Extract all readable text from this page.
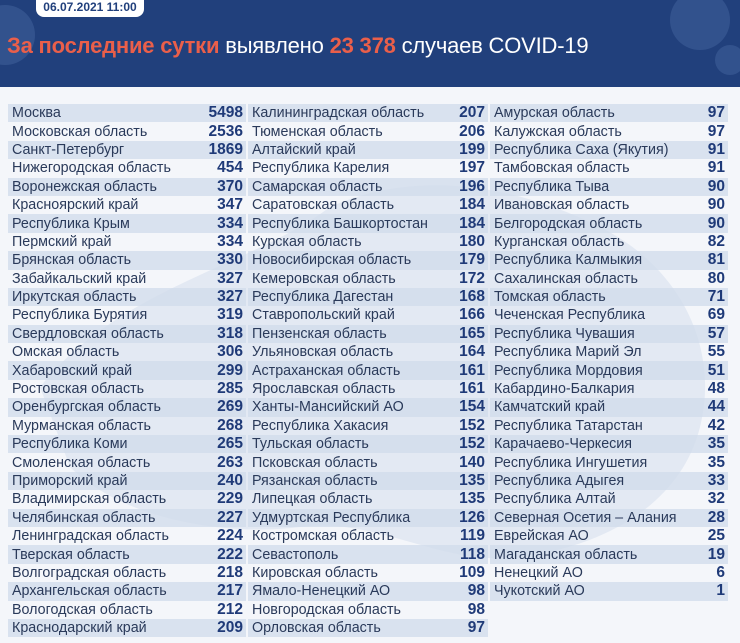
06.07.2021 11:00
За последние сутки выявлено 23 378 случаев COVID-19
Москва	5498
Московская область	2536
Санкт-Петербург	1869
Нижегородская область	454
Воронежская область	370
Красноярский край	347
Республика Крым	334
Пермский край	334
Брянская область	330
Забайкальский край	327
Иркутская область	327
Республика Бурятия	319
Свердловская область	318
Омская область	306
Хабаровский край	299
Ростовская область	285
Оренбургская область	269
Мурманская область	268
Республика Коми	265
Смоленская область	263
Приморский край	240
Владимирская область	229
Челябинская область	227
Ленинградская область	224
Тверская область	222
Волгоградская область	218
Архангельская область	217
Вологодская область	212
Краснодарский край	209
Калининградская область 207
Тюменская область	206
Алтайский край	199
Республика Карелия	197
Самарская область	196
Саратовская область	184
Республика Башкортостан 184
Курская область	180
Новосибирская область	179
Кемеровская область	172
Республика Дагестан	168
Ставропольский край	166
Пензенская область	165
Ульяновская область	164
Астраханская область	161
Ярославская область	161
Ханты-Мансийский АО	154
Республика Хакасия	152
Тульская область	152
Псковская область	140
Рязанская область	135
Липецкая область	135
Удмуртская Республика	126
Костромская область	119
Севастополь	118
Кировская область	109
Ямало-Ненецкий АО	98
Новгородская область	98
Орловская область	97
Амурская область	97
Калужская область	97
Республика Саха (Якутия)	91
Тамбовская область	91
Республика Тыва	90
Ивановская область	90
Белгородская область	90
Курганская область	82
Республика Калмыкия	81
Сахалинская область	80
Томская область	71
Чеченская Республика	69
Республика Чувашия	57
Республика Марий Эл	55
Республика Мордовия	51
Кабардино-Балкария	48
Камчатский край	44
Республика Татарстан	42
Карачаево-Черкесия	35
Республика Ингушетия	35
Республика Адыгея	33
Республика Алтай	32
Северная Осетия – Алания 28
Еврейская АО	25
Магаданская область	19
Ненецкий АО	6
Чукотский АО	1
